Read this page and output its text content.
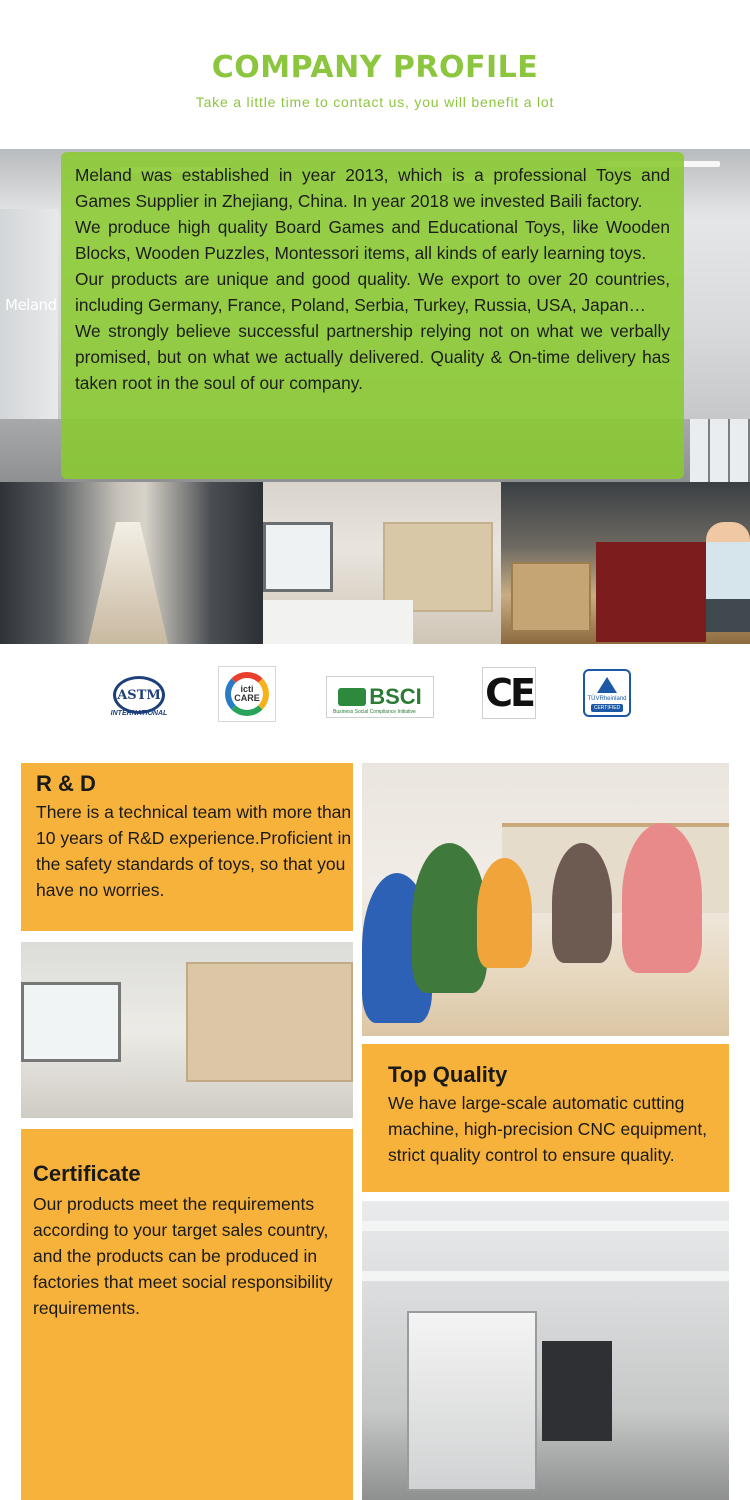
COMPANY PROFILE
Take a little time to contact us, you will benefit a lot
Meland

Meland was established in year 2013, which is a professional Toys and Games Supplier in Zhejiang, China. In year 2018 we invested Baili factory.

We produce high quality Board Games and Educational Toys, like Wooden Blocks, Wooden Puzzles, Montessori items, all kinds of early learning toys.

Our products are unique and good quality. We export to over 20 countries, including Germany, France, Poland, Serbia, Turkey, Russia, USA, Japan…

We strongly believe successful partnership relying not on what we verbally promised, but on what we actually delivered. Quality & On-time delivery has taken root in the soul of our company.

ASTM
INTERNATIONAL
icti CARE	BSCI
Business Social Compliance Initiative CE	TÜVRheinland
CERTIFIED
R & D
There is a technical team with more than 10 years of R&D experience.Proficient in the safety standards of toys, so that you have no worries.
Top Quality
We have large-scale automatic cutting machine, high-precision CNC equipment, strict quality control to ensure quality.
Certificate
Our products meet the requirements according to your target sales country, and the products can be produced in factories that meet social responsibility requirements.
